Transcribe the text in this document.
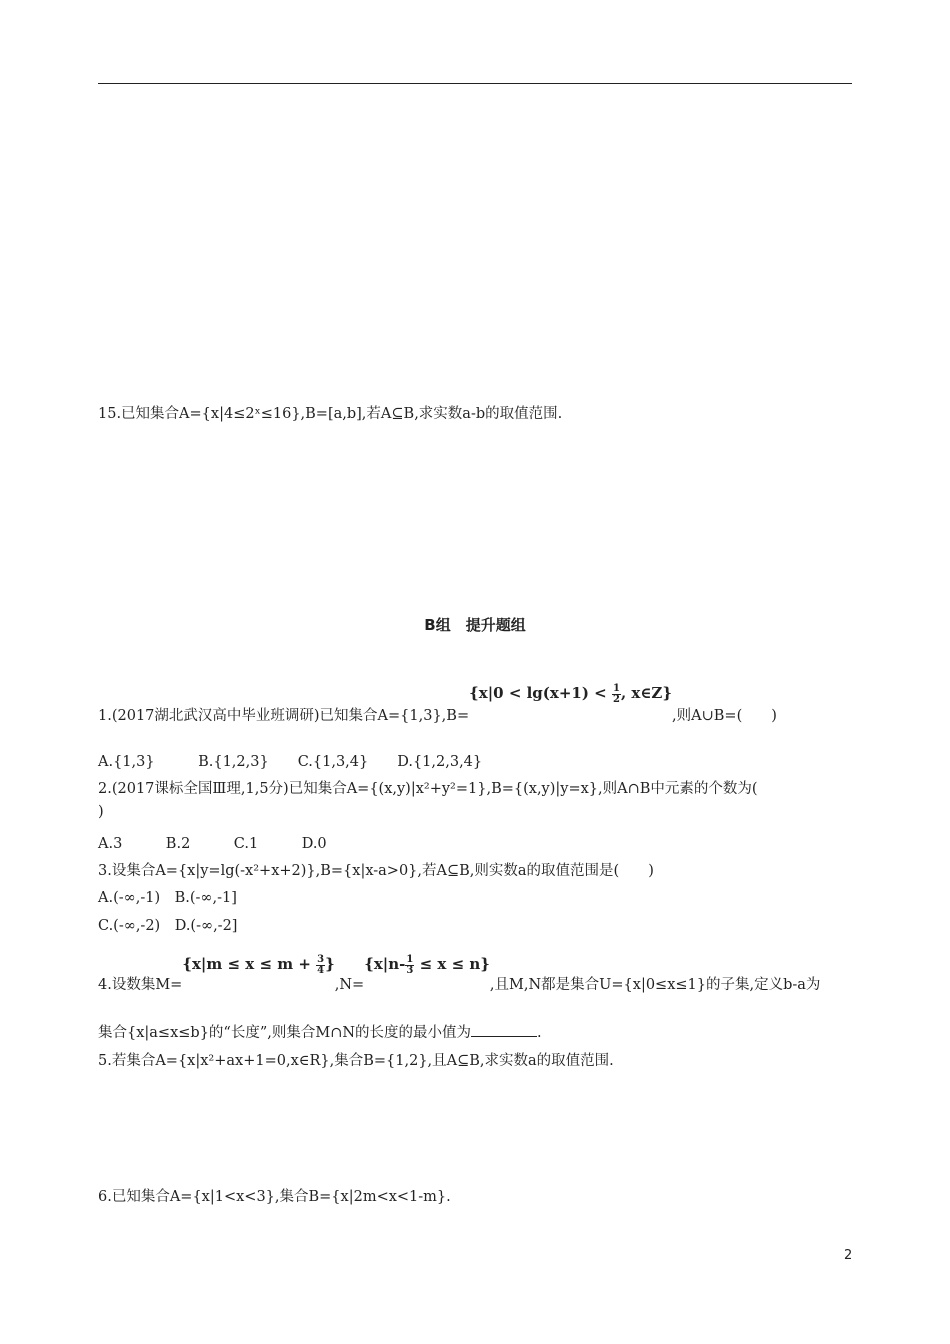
15.已知集合A={x|4≤2ˣ≤16},B=[a,b],若A⊆B,求实数a-b的取值范围.
B组　提升题组
1.(2017湖北武汉高中毕业班调研)已知集合$A=\{1,3\},B=\{x|0 < \lg(x+1) < \frac{1}{2}$ , x∈Z},则A∪B=(　　)
A.{1,3}　　　B.{1,2,3}　　C.{1,3,4}　　D.{1,2,3,4}
2.(2017课标全国Ⅲ理,1,5分)已知集合A={(x,y)|x²+y²=1},B={(x,y)|y=x},则A∩B中元素的个数为(
)
A.3　　　B.2　　　C.1　　　D.0
3.设集合A={x|y=lg(-x²+x+2)},B={x|x-a>0},若A⊆B,则实数a的取值范围是(　　)
A.(-∞,-1)　B.(-∞,-1]
C.(-∞,-2)　D.(-∞,-2]
4.设数集$M=\{x|m \le x \le m + \frac{3}{4} \},N=\{x|n- \frac{1}{3} \le x \le n\}$,且M,N都是集合U={x|0≤x≤1}的子集,定义b-a为
集合{x|a≤x≤b}的“长度”,则集合M∩N的长度的最小值为	.
5.若集合A={x|x²+ax+1=0,x∈R},集合B={1,2},且A⊆B,求实数a的取值范围.
6.已知集合A={x|1<x<3},集合B={x|2m<x<1-m}.
2
